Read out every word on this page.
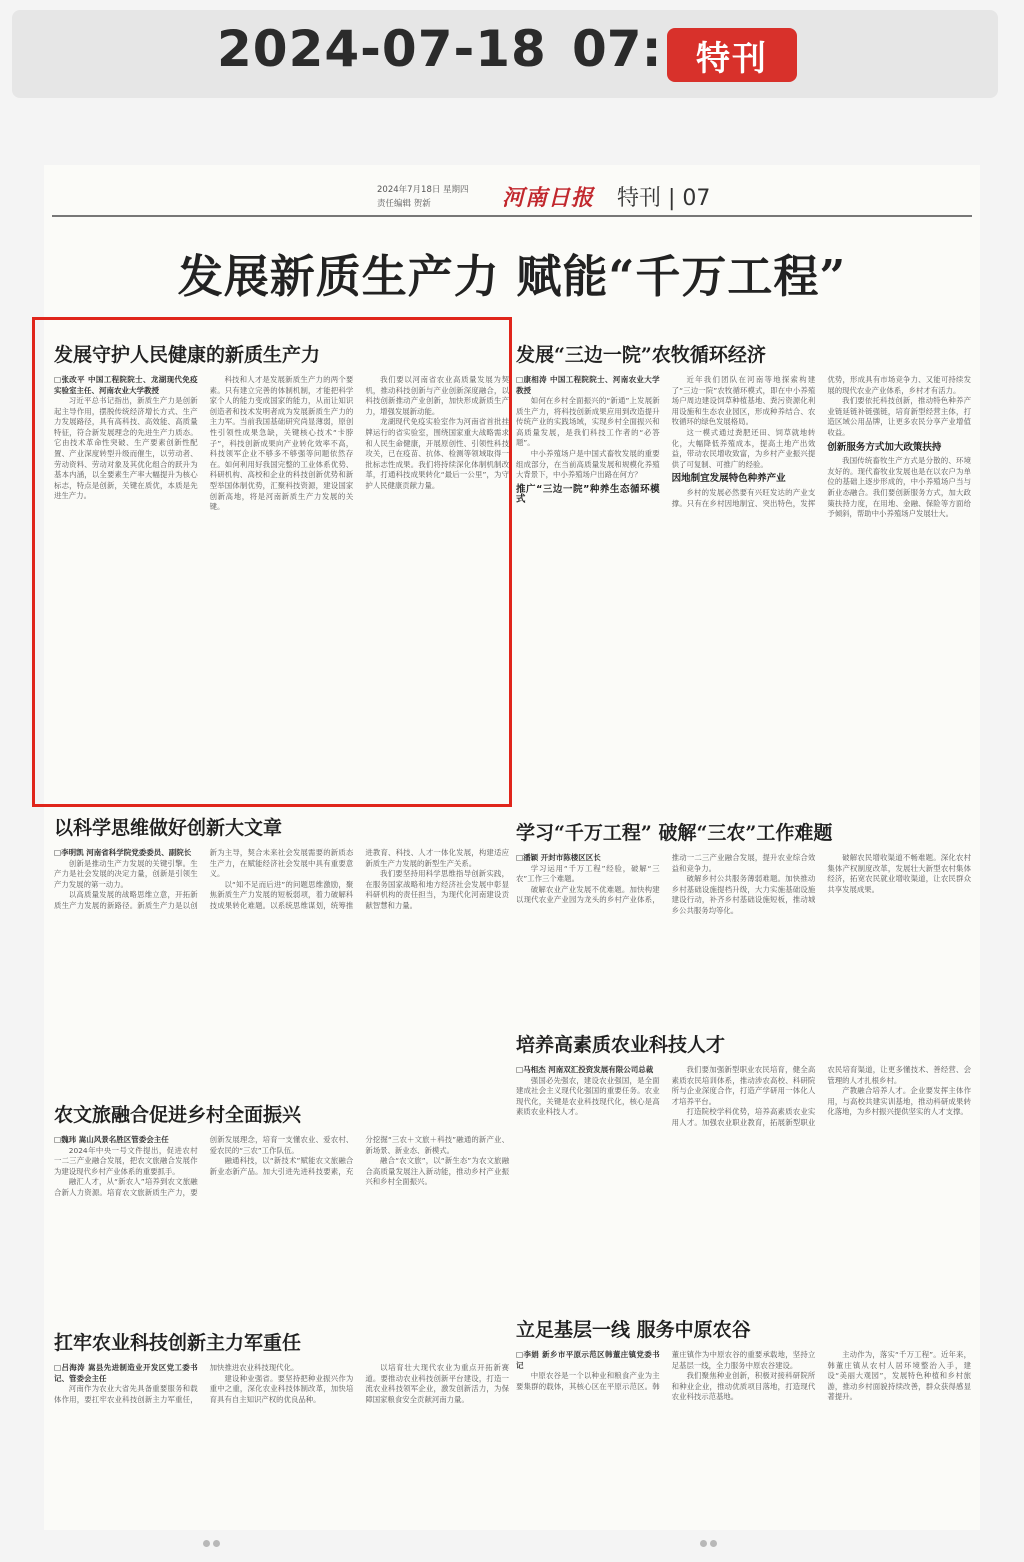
2024-07-18 07:	特刊
2024年7月18日 星期四
责任编辑 贺新	河南日报 特刊 | 07
发展新质生产力 赋能“千万工程”
发展守护人民健康的新质生产力
□张改平 中国工程院院士、龙湖现代免疫实验室主任、河南农业大学教授

习近平总书记指出，新质生产力是创新起主导作用，摆脱传统经济增长方式、生产力发展路径，具有高科技、高效能、高质量特征，符合新发展理念的先进生产力质态。它由技术革命性突破、生产要素创新性配置、产业深度转型升级而催生，以劳动者、劳动资料、劳动对象及其优化组合的跃升为基本内涵，以全要素生产率大幅提升为核心标志，特点是创新，关键在质优，本质是先进生产力。

科技和人才是发展新质生产力的两个要素。只有建立完善的体制机制，才能把科学家个人的能力变成国家的能力，从而让知识创造者和技术发明者成为发展新质生产力的主力军。当前我国基础研究尚显薄弱，原创性引领性成果急缺，关键核心技术“卡脖子”，科技创新成果向产业转化效率不高，科技领军企业不够多不够强等问题依然存在。如何利用好我国完整的工业体系优势、科研机构、高校和企业的科技创新优势和新型举国体制优势，汇聚科技资源，建设国家创新高地，将是河南新质生产力发展的关键。

我们要以河南省农业高质量发展为契机，推动科技创新与产业创新深度融合，以科技创新推动产业创新，加快形成新质生产力，增强发展新动能。

龙湖现代免疫实验室作为河南省首批挂牌运行的省实验室，围绕国家重大战略需求和人民生命健康，开展原创性、引领性科技攻关，已在疫苗、抗体、检测等领域取得一批标志性成果。我们将持续深化体制机制改革，打通科技成果转化“最后一公里”，为守护人民健康贡献力量。

发展“三边一院”农牧循环经济
□康相涛 中国工程院院士、河南农业大学教授

如何在乡村全面振兴的“新通”上发展新质生产力，将科技创新成果应用到改造提升传统产业的实践场域，实现乡村全面振兴和高质量发展，是我们科技工作者的“必答题”。

中小养殖场户是中国式畜牧发展的重要组成部分，在当前高质量发展和规模化养殖大背景下，中小养殖场户出路在何方？

推广“三边一院”种养生态循环模式

近年我们团队在河南等地探索构建了“三边一院”农牧循环模式，即在中小养殖场户周边建设饲草种植基地、粪污资源化利用设施和生态农业园区，形成种养结合、农牧循环的绿色发展格局。

这一模式通过粪肥还田、饲草就地转化，大幅降低养殖成本，提高土地产出效益，带动农民增收致富，为乡村产业振兴提供了可复制、可推广的经验。

因地制宜发展特色种养产业

乡村的发展必然要有兴旺发达的产业支撑。只有在乡村因地制宜、突出特色，发挥优势，形成具有市场竞争力、又能可持续发展的现代农业产业体系，乡村才有活力。

我们要依托科技创新，推动特色种养产业链延链补链强链，培育新型经营主体，打造区域公用品牌，让更多农民分享产业增值收益。

创新服务方式加大政策扶持

我国传统畜牧生产方式是分散的、环境友好的。现代畜牧业发展也是在以农户为单位的基础上逐步形成的，中小养殖场户当与新业态融合。我们要创新服务方式，加大政策扶持力度，在用地、金融、保险等方面给予倾斜，帮助中小养殖场户发展壮大。

以科学思维做好创新大文章
□李明凯 河南省科学院党委委员、副院长

创新是推动生产力发展的关键引擎。生产力是社会发展的决定力量，创新是引领生产力发展的第一动力。

以高质量发展的战略思维立意，开拓新质生产力发展的新路径。新质生产力是以创新为主导，契合未来社会发展需要的新质态生产力，在赋能经济社会发展中具有重要意义。

以“知不足而后进”的问题思维激励，聚焦新质生产力发展的短板弱项，着力破解科技成果转化难题。以系统思维谋划，统筹推进教育、科技、人才一体化发展，构建适应新质生产力发展的新型生产关系。

我们要坚持用科学思维指导创新实践，在服务国家战略和地方经济社会发展中彰显科研机构的责任担当，为现代化河南建设贡献智慧和力量。

学习“千万工程” 破解“三农”工作难题
□潘颖 开封市陈楼区区长

学习运用“千万工程”经验，破解“三农”工作三个难题。

破解农业产业发展不优难题。加快构建以现代农业产业园为龙头的乡村产业体系，推动一二三产业融合发展，提升农业综合效益和竞争力。

破解乡村公共服务薄弱难题。加快推动乡村基础设施提档升级，大力实施基础设施建设行动，补齐乡村基础设施短板，推动城乡公共服务均等化。

破解农民增收渠道不畅难题。深化农村集体产权制度改革，发展壮大新型农村集体经济，拓宽农民就业增收渠道，让农民群众共享发展成果。

培养高素质农业科技人才
□马相杰 河南双汇投资发展有限公司总裁

强国必先强农，建设农业强国，是全面建成社会主义现代化强国的重要任务。农业现代化，关键是农业科技现代化，核心是高素质农业科技人才。

我们要加强新型职业农民培育，健全高素质农民培训体系，推动涉农高校、科研院所与企业深度合作，打造产学研用一体化人才培养平台。

打造院校学科优势，培养高素质农业实用人才。加强农业职业教育，拓展新型职业农民培育渠道，让更多懂技术、善经营、会管理的人才扎根乡村。

产教融合培养人才。企业要发挥主体作用，与高校共建实训基地，推动科研成果转化落地，为乡村振兴提供坚实的人才支撑。

农文旅融合促进乡村全面振兴
□魏玮 嵩山风景名胜区管委会主任

2024年中央一号文件提出，促进农村一二三产业融合发展，把农文旅融合发展作为建设现代乡村产业体系的重要抓手。

融汇人才，从“新农人”培养到农文旅融合新人力资源。培育农文旅新质生产力，要创新发展理念，培育一支懂农业、爱农村、爱农民的“三农”工作队伍。

融通科技，以“新技术”赋能农文旅融合新业态新产品。加大引进先进科技要素，充分挖掘“三农＋文旅＋科技”融通的新产业、新场景、新业态、新模式。

融合“农文旅”，以“新生态”为农文旅融合高质量发展注入新动能，推动乡村产业振兴和乡村全面振兴。

立足基层一线 服务中原农谷
□李娟 新乡市平原示范区韩董庄镇党委书记

中原农谷是一个以种业和粮食产业为主要集群的载体，其核心区在平原示范区。韩董庄镇作为中原农谷的重要承载地，坚持立足基层一线，全力服务中原农谷建设。

我们聚焦种业创新，积极对接科研院所和种业企业，推动优质项目落地，打造现代农业科技示范基地。

主动作为，落实“千万工程”。近年来，韩董庄镇从农村人居环境整治入手，建设“美丽大观园”，发展特色种植和乡村旅游，推动乡村面貌持续改善，群众获得感显著提升。

扛牢农业科技创新主力军重任
□吕海涛 嵩县先进制造业开发区党工委书记、管委会主任

河南作为农业大省先具备重要服务和载体作用，要扛牢农业科技创新主力军重任，加快推进农业科技现代化。

建设种业强省。要坚持把种业振兴作为重中之重，深化农业科技体制改革，加快培育具有自主知识产权的优良品种。

以培育壮大现代农业为重点开拓新赛道。要推动农业科技创新平台建设，打造一流农业科技领军企业，激发创新活力，为保障国家粮食安全贡献河南力量。
